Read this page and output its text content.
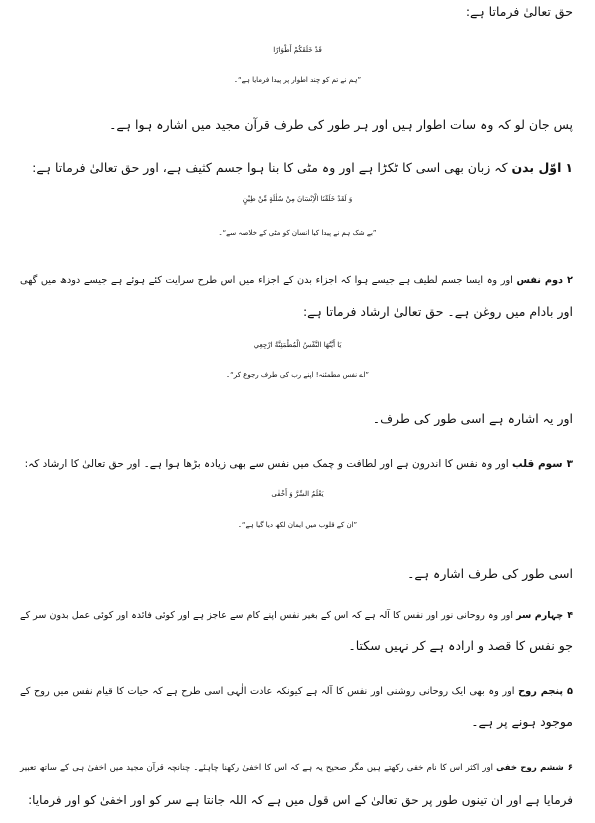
حق تعالیٰ فرماتا ہے:
قَدْ خَلَقَكُمْ أَطْوَارًا
”ہم نے تم کو چند اطوار پر پیدا فرمایا ہے“۔
پس جان لو کہ وہ سات اطوار ہیں اور ہر طور کی طرف قرآن مجید میں اشارہ ہوا ہے۔
۱اوّل بدن کہ زبان بھی اسی کا ٹکڑا ہے اور وہ مٹی کا بنا ہوا جسم کثیف ہے، اور حق تعالیٰ فرماتا ہے:
وَ لَقَدْ خَلَقْنَا الْاِنْسَانَ مِنْ سُلٰلَةٍ مِّنْ طِيْنٍ
”بے شک ہم نے پیدا کیا انسان کو مٹی کے خلاصہ سے“۔
۲دوم نفس اور وہ ایسا جسم لطیف ہے جیسے ہوا کہ اجزاء بدن کے اجزاء میں اس طرح سرایت کئے ہوئے ہے جیسے دودھ میں گھی
اور بادام میں روغن ہے۔ حق تعالیٰ ارشاد فرماتا ہے:
يَا أَيَّتُهَا النَّفْسُ الْمُطْمَئِنَّةُ ارْجِعِي
”اے نفس مطمئنہ! اپنے رب کی طرف رجوع کر“۔
اور یہ اشارہ ہے اسی طور کی طرف۔
۳سوم قلب اور وہ نفس کا اندرون ہے اور لطافت و چمک میں نفس سے بھی زیادہ بڑھا ہوا ہے۔ اور حق تعالیٰ کا ارشاد کہ:
يَعْلَمُ السِّرَّ وَ أَخْفٰى
”ان کے قلوب میں ایمان لکھ دیا گیا ہے“۔
اسی طور کی طرف اشارہ ہے۔
۴چہارم سر اور وہ روحانی نور اور نفس کا آلہ ہے کہ اس کے بغیر نفس اپنے کام سے عاجز ہے اور کوئی فائدہ اور کوئی عمل بدون سر کے
جو نفس کا قصد و ارادہ ہے کر نہیں سکتا۔
۵پنجم روح اور وہ بھی ایک روحانی روشنی اور نفس کا آلہ ہے کیونکہ عادت الٰہی اسی طرح ہے کہ حیات کا قیام نفس میں روح کے
موجود ہونے پر ہے۔
۶ششم روح خفی اور اکثر اس کا نام خفی رکھتے ہیں مگر صحیح یہ ہے کہ اس کا اخفیٰ رکھنا چاہئے۔ چنانچہ قرآن مجید میں اخفیٰ ہی کے ساتھ تعبیر
فرمایا ہے اور ان تینوں طور پر حق تعالیٰ کے اس قول میں ہے کہ اللہ جانتا ہے سر کو اور اخفیٰ کو اور فرمایا:
